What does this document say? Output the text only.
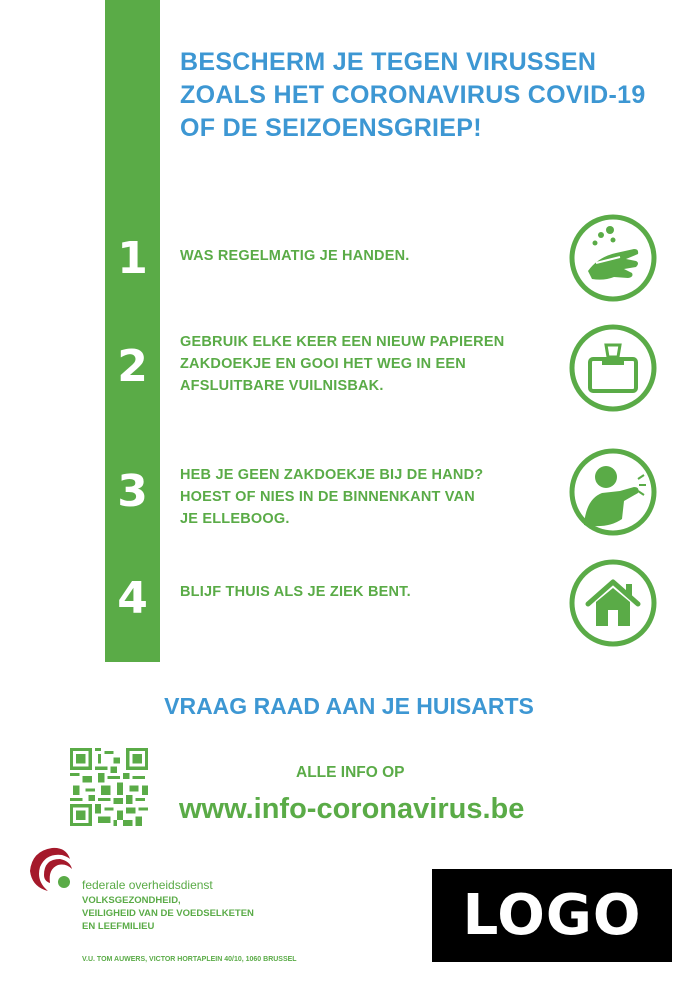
BESCHERM JE TEGEN VIRUSSEN
ZOALS HET CORONAVIRUS COVID-19
OF DE SEIZOENSGRIEP!
1	WAS REGELMATIG JE HANDEN.
2	GEBRUIK ELKE KEER EEN NIEUW PAPIEREN
ZAKDOEKJE EN GOOI HET WEG IN EEN
AFSLUITBARE VUILNISBAK.
3	HEB JE GEEN ZAKDOEKJE BIJ DE HAND?
HOEST OF NIES IN DE BINNENKANT VAN
JE ELLEBOOG.
4	BLIJF THUIS ALS JE ZIEK BENT.
VRAAG RAAD AAN JE HUISARTS
ALLE INFO OP
www.info-coronavirus.be
federale overheidsdienst
VOLKSGEZONDHEID,
VEILIGHEID VAN DE VOEDSELKETEN
EN LEEFMILIEU
V.U. TOM AUWERS, VICTOR HORTAPLEIN 40/10, 1060 BRUSSEL
LOGO
